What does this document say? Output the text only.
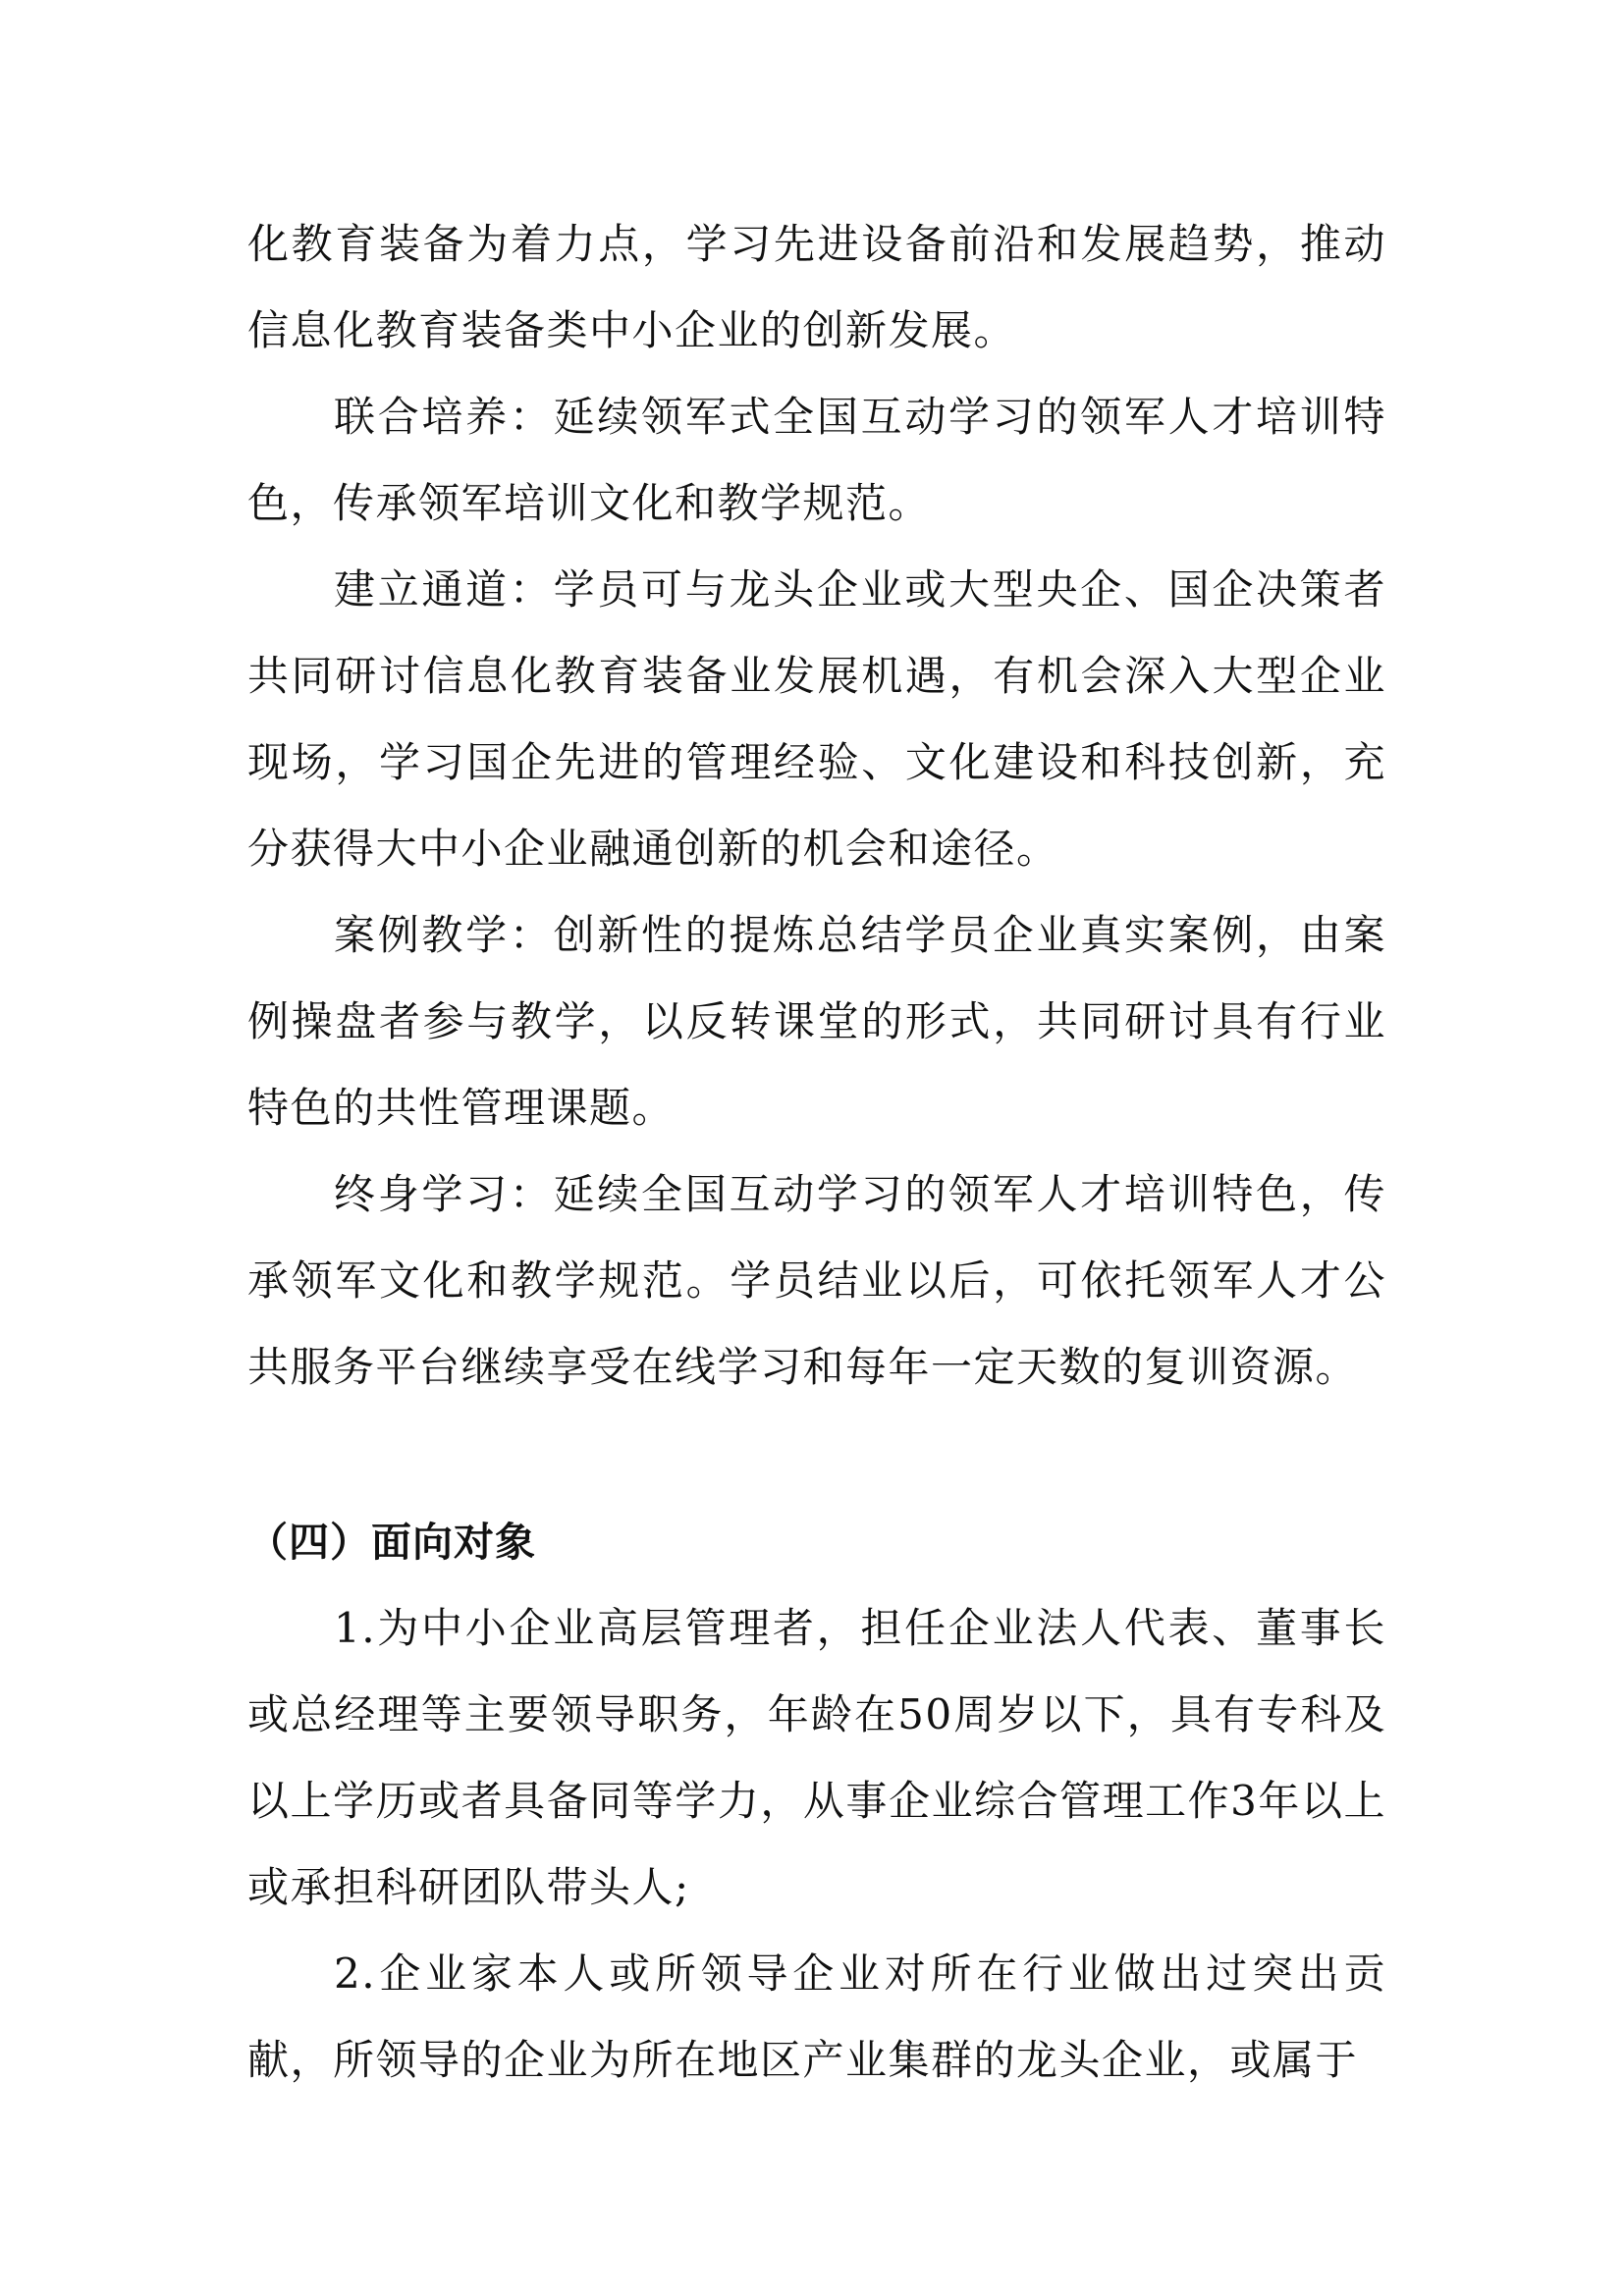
化教育装备为着力点，学习先进设备前沿和发展趋势，推动信息化教育装备类中小企业的创新发展。

联合培养：延续领军式全国互动学习的领军人才培训特色，传承领军培训文化和教学规范。

建立通道：学员可与龙头企业或大型央企、国企决策者共同研讨信息化教育装备业发展机遇，有机会深入大型企业现场，学习国企先进的管理经验、文化建设和科技创新，充分获得大中小企业融通创新的机会和途径。

案例教学：创新性的提炼总结学员企业真实案例，由案例操盘者参与教学，以反转课堂的形式，共同研讨具有行业特色的共性管理课题。

终身学习：延续全国互动学习的领军人才培训特色，传承领军文化和教学规范。学员结业以后，可依托领军人才公共服务平台继续享受在线学习和每年一定天数的复训资源。

（四）面向对象

1.为中小企业高层管理者，担任企业法人代表、董事长或总经理等主要领导职务，年龄在50周岁以下，具有专科及以上学历或者具备同等学力，从事企业综合管理工作3年以上或承担科研团队带头人;

2.企业家本人或所领导企业对所在行业做出过突出贡献，所领导的企业为所在地区产业集群的龙头企业，或属于
